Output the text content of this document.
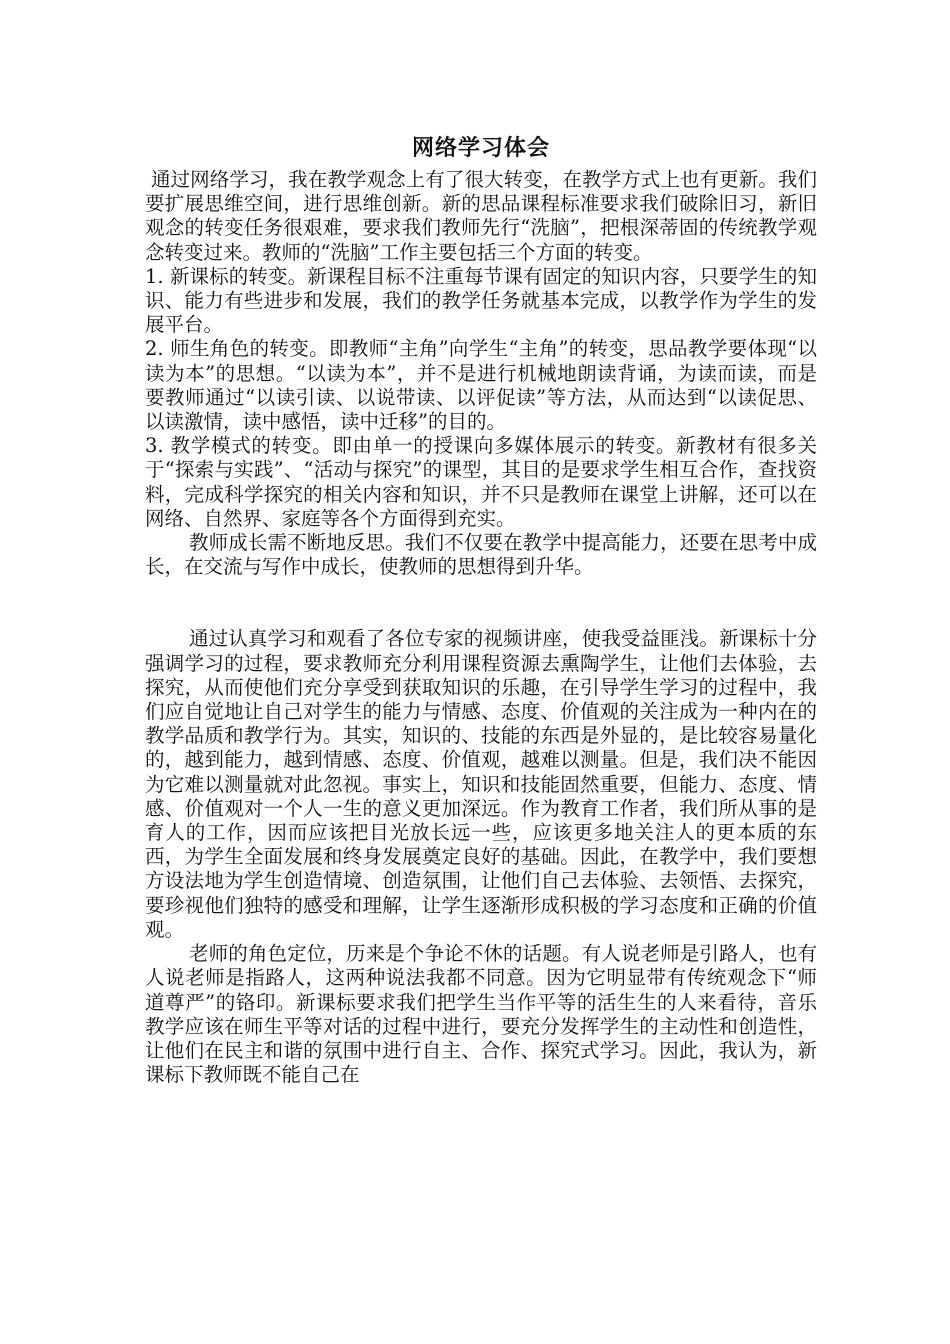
网络学习体会

通过网络学习，我在教学观念上有了很大转变，在教学方式上也有更新。我们要扩展思维空间，进行思维创新。新的思品课程标准要求我们破除旧习，新旧观念的转变任务很艰难，要求我们教师先行“洗脑”，把根深蒂固的传统教学观念转变过来。教师的“洗脑”工作主要包括三个方面的转变。

1. 新课标的转变。新课程目标不注重每节课有固定的知识内容，只要学生的知识、能力有些进步和发展，我们的教学任务就基本完成，以教学作为学生的发展平台。

2. 师生角色的转变。即教师“主角”向学生“主角”的转变，思品教学要体现“以读为本”的思想。“以读为本”，并不是进行机械地朗读背诵，为读而读，而是要教师通过“以读引读、以说带读、以评促读”等方法，从而达到“以读促思、以读激情，读中感悟，读中迁移”的目的。

3. 教学模式的转变。即由单一的授课向多媒体展示的转变。新教材有很多关于“探索与实践”、“活动与探究”的课型，其目的是要求学生相互合作，查找资料，完成科学探究的相关内容和知识，并不只是教师在课堂上讲解，还可以在网络、自然界、家庭等各个方面得到充实。

教师成长需不断地反思。我们不仅要在教学中提高能力，还要在思考中成长，在交流与写作中成长，使教师的思想得到升华。

通过认真学习和观看了各位专家的视频讲座，使我受益匪浅。新课标十分强调学习的过程，要求教师充分利用课程资源去熏陶学生，让他们去体验，去探究，从而使他们充分享受到获取知识的乐趣，在引导学生学习的过程中，我们应自觉地让自己对学生的能力与情感、态度、价值观的关注成为一种内在的教学品质和教学行为。其实，知识的、技能的东西是外显的，是比较容易量化的，越到能力，越到情感、态度、价值观，越难以测量。但是，我们决不能因为它难以测量就对此忽视。事实上，知识和技能固然重要，但能力、态度、情感、价值观对一个人一生的意义更加深远。作为教育工作者，我们所从事的是育人的工作，因而应该把目光放长远一些，应该更多地关注人的更本质的东西，为学生全面发展和终身发展奠定良好的基础。因此，在教学中，我们要想方设法地为学生创造情境、创造氛围，让他们自己去体验、去领悟、去探究，要珍视他们独特的感受和理解，让学生逐渐形成积极的学习态度和正确的价值观。

老师的角色定位，历来是个争论不休的话题。有人说老师是引路人，也有人说老师是指路人，这两种说法我都不同意。因为它明显带有传统观念下“师道尊严”的铬印。新课标要求我们把学生当作平等的活生生的人来看待，音乐教学应该在师生平等对话的过程中进行，要充分发挥学生的主动性和创造性，让他们在民主和谐的氛围中进行自主、合作、探究式学习。因此，我认为，新课标下教师既不能自己在
